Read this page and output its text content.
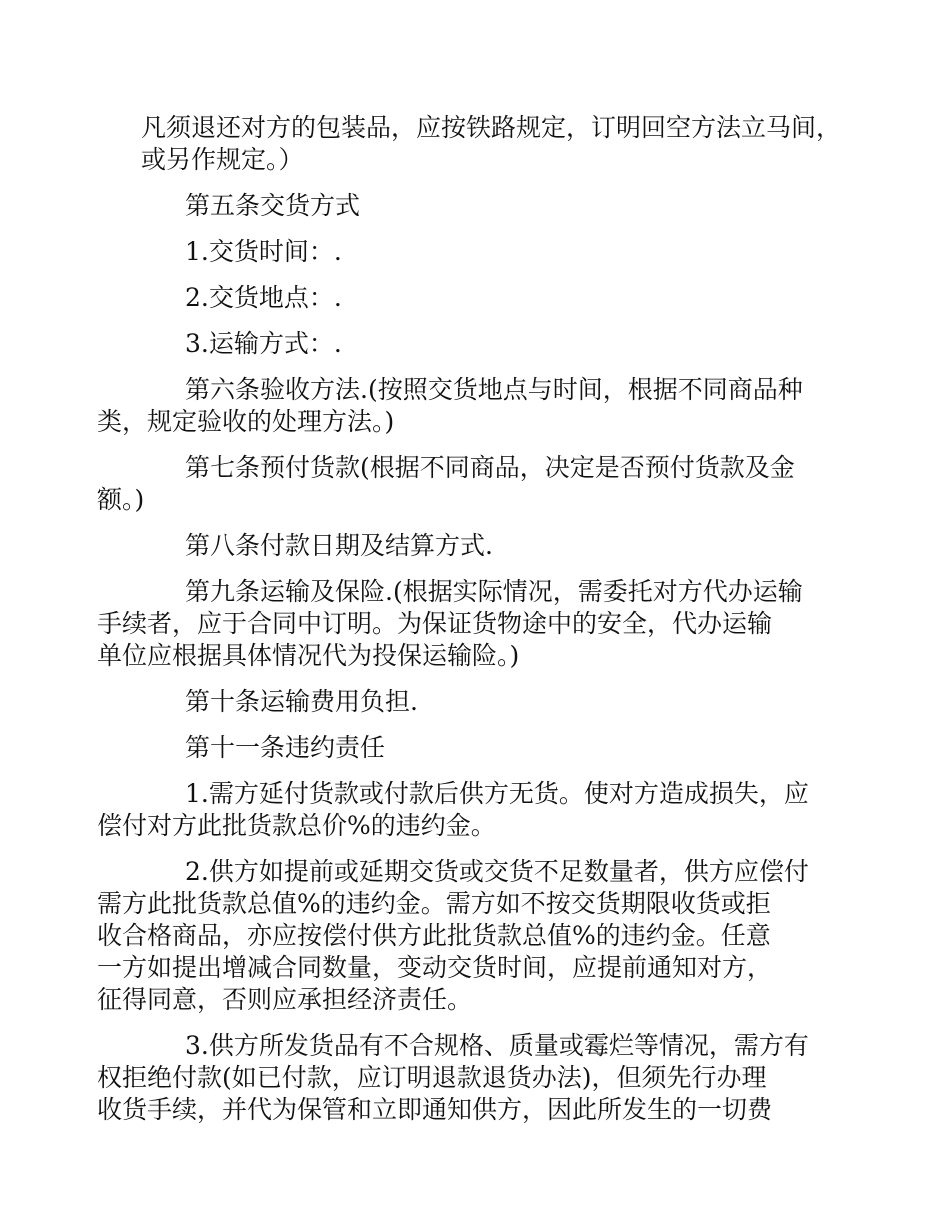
凡须退还对方的包装品，应按铁路规定，订明回空方法立马间，
或另作规定。）

第五条交货方式

1.交货时间：.

2.交货地点：.

3.运输方式：.

第六条验收方法.(按照交货地点与时间，根据不同商品种
类，规定验收的处理方法。)

第七条预付货款(根据不同商品，决定是否预付货款及金
额。)

第八条付款日期及结算方式.

第九条运输及保险.(根据实际情况，需委托对方代办运输
手续者，应于合同中订明。为保证货物途中的安全，代办运输
单位应根据具体情况代为投保运输险。)

第十条运输费用负担.

第十一条违约责任

1.需方延付货款或付款后供方无货。使对方造成损失，应
偿付对方此批货款总价%的违约金。

2.供方如提前或延期交货或交货不足数量者，供方应偿付
需方此批货款总值%的违约金。需方如不按交货期限收货或拒
收合格商品，亦应按偿付供方此批货款总值%的违约金。任意
一方如提出增减合同数量，变动交货时间，应提前通知对方，
征得同意，否则应承担经济责任。

3.供方所发货品有不合规格、质量或霉烂等情况，需方有
权拒绝付款(如已付款，应订明退款退货办法)，但须先行办理
收货手续，并代为保管和立即通知供方，因此所发生的一切费
